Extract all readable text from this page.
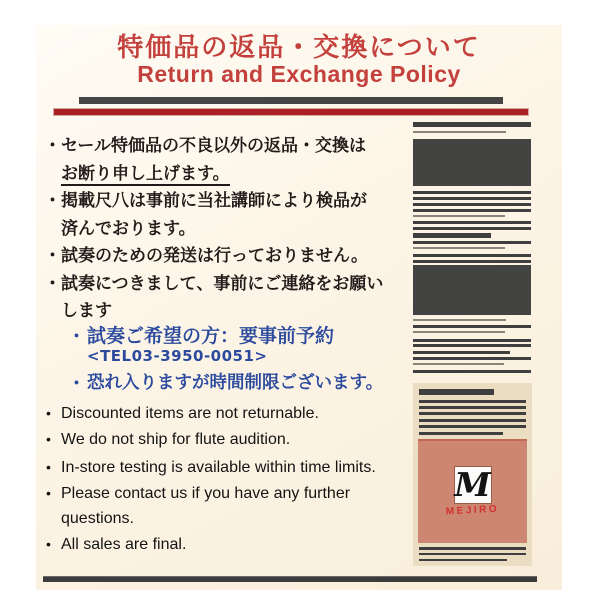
特価品の返品・交換について
Return and Exchange Policy
・ セール特価品の不良以外の返品・交換は
お断り申し上げます。
・ 掲載尺八は事前に当社講師により検品が
済んでおります。
・ 試奏のための発送は行っておりません。
・ 試奏につきまして、事前にご連絡をお願い
します
・ 試奏ご希望の方：要事前予約
<TEL03-3950-0051>
・ 恐れ入りますが時間制限ございます。
• Discounted items are not returnable.
• We do not ship for flute audition.
• In-store testing is available within time limits.
• Please contact us if you have any further questions.
• All sales are final.
M
MEJIRO
